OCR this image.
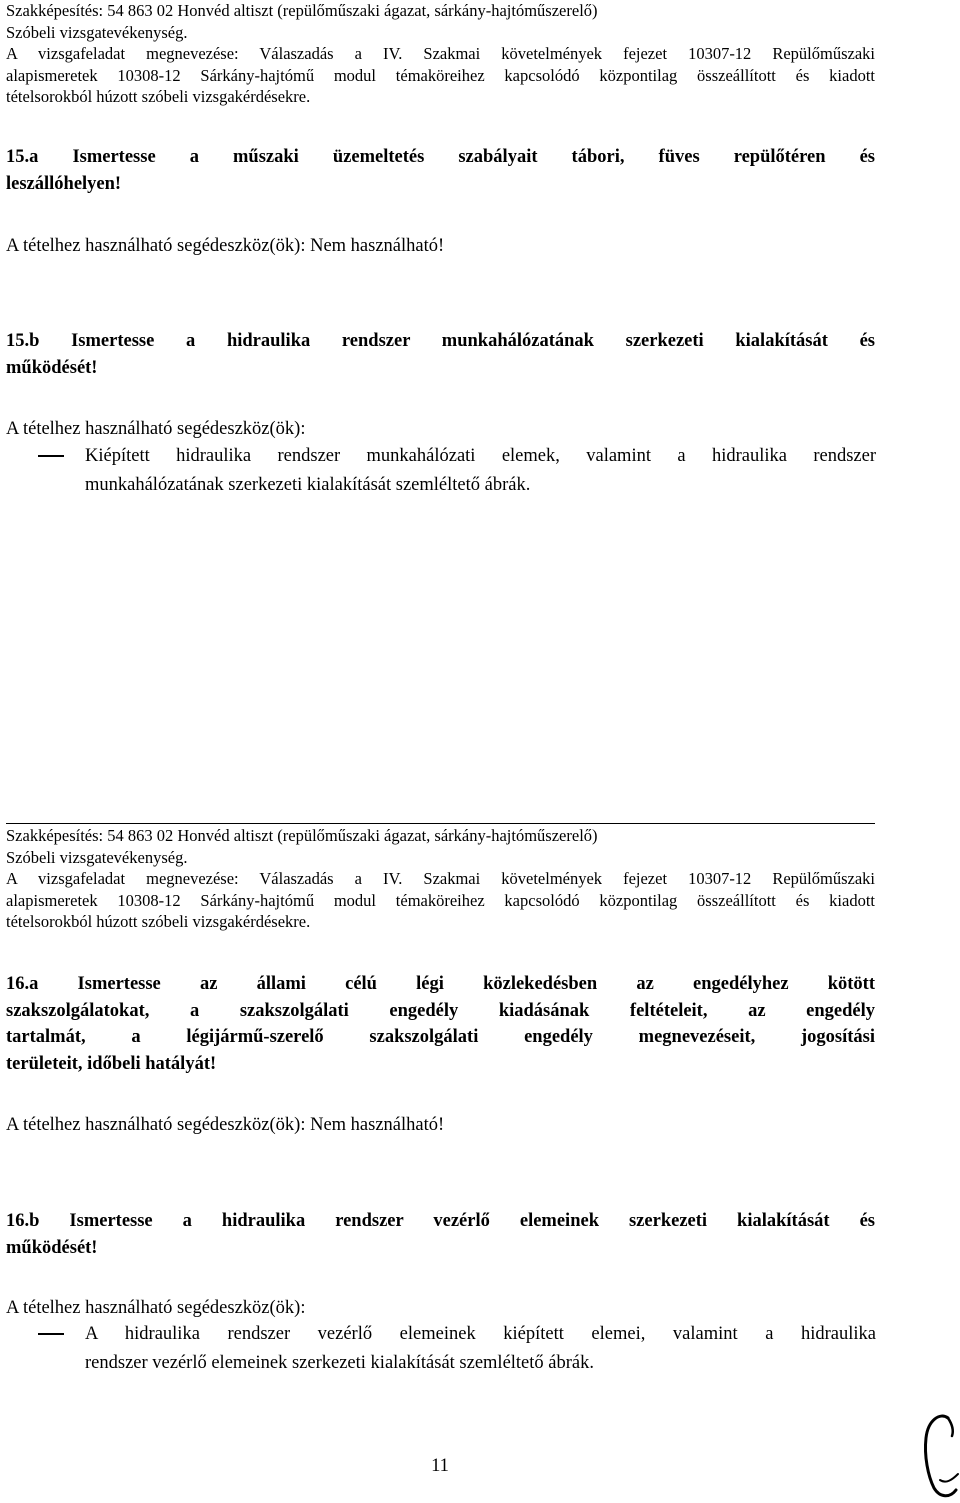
Szakképesítés: 54 863 02 Honvéd altiszt (repülőműszaki ágazat, sárkány-hajtóműszerelő)
Szóbeli vizsgatevékenység.
A vizsgafeladat megnevezése: Válaszadás a IV. Szakmai követelmények fejezet 10307-12 Repülőműszaki
alapismeretek 10308-12 Sárkány-hajtómű modul témaköreihez kapcsolódó központilag összeállított és kiadott
tételsorokból húzott szóbeli vizsgakérdésekre.
15.a Ismertesse a műszaki üzemeltetés szabályait tábori, füves repülőtéren és
leszállóhelyen!
A tételhez használható segédeszköz(ök): Nem használható!
15.b Ismertesse a hidraulika rendszer munkahálózatának szerkezeti kialakítását és
működését!
A tételhez használható segédeszköz(ök):
Kiépített hidraulika rendszer munkahálózati elemek, valamint a hidraulika rendszer
munkahálózatának szerkezeti kialakítását szemléltető ábrák.
Szakképesítés: 54 863 02 Honvéd altiszt (repülőműszaki ágazat, sárkány-hajtóműszerelő)
Szóbeli vizsgatevékenység.
A vizsgafeladat megnevezése: Válaszadás a IV. Szakmai követelmények fejezet 10307-12 Repülőműszaki
alapismeretek 10308-12 Sárkány-hajtómű modul témaköreihez kapcsolódó központilag összeállított és kiadott
tételsorokból húzott szóbeli vizsgakérdésekre.
16.a Ismertesse az állami célú légi közlekedésben az engedélyhez kötött
szakszolgálatokat, a szakszolgálati engedély kiadásának feltételeit, az engedély
tartalmát, a légijármű-szerelő szakszolgálati engedély megnevezéseit, jogosítási
területeit, időbeli hatályát!
A tételhez használható segédeszköz(ök): Nem használható!
16.b Ismertesse a hidraulika rendszer vezérlő elemeinek szerkezeti kialakítását és
működését!
A tételhez használható segédeszköz(ök):
A hidraulika rendszer vezérlő elemeinek kiépített elemei, valamint a hidraulika
rendszer vezérlő elemeinek szerkezeti kialakítását szemléltető ábrák.
11
